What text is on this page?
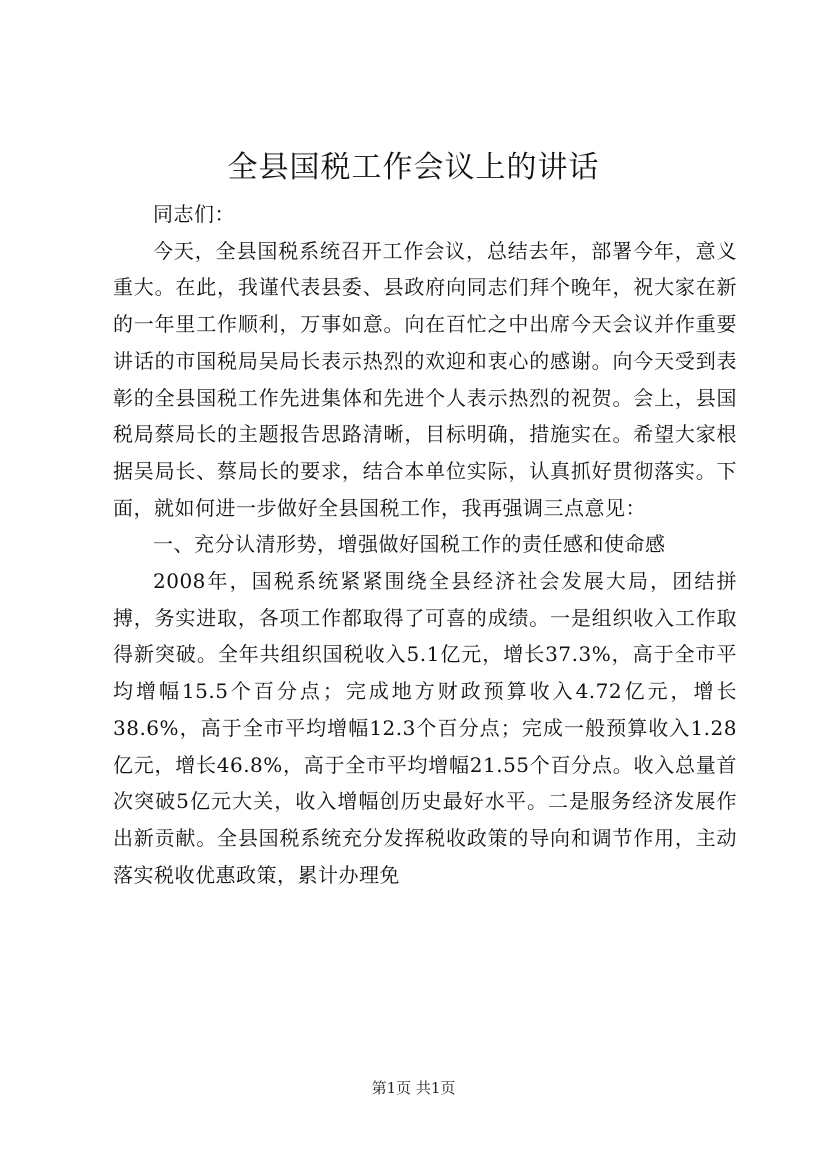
全县国税工作会议上的讲话

同志们：

今天，全县国税系统召开工作会议，总结去年，部署今年，意义重大。在此，我谨代表县委、县政府向同志们拜个晚年，祝大家在新的一年里工作顺利，万事如意。向在百忙之中出席今天会议并作重要讲话的市国税局吴局长表示热烈的欢迎和衷心的感谢。向今天受到表彰的全县国税工作先进集体和先进个人表示热烈的祝贺。会上，县国税局蔡局长的主题报告思路清晰，目标明确，措施实在。希望大家根据吴局长、蔡局长的要求，结合本单位实际，认真抓好贯彻落实。下面，就如何进一步做好全县国税工作，我再强调三点意见：

一、充分认清形势，增强做好国税工作的责任感和使命感

2008年，国税系统紧紧围绕全县经济社会发展大局，团结拼搏，务实进取，各项工作都取得了可喜的成绩。一是组织收入工作取得新突破。全年共组织国税收入5.1亿元，增长37.3%，高于全市平均增幅15.5个百分点；完成地方财政预算收入4.72亿元，增长38.6%，高于全市平均增幅12.3个百分点；完成一般预算收入1.28亿元，增长46.8%，高于全市平均增幅21.55个百分点。收入总量首次突破5亿元大关，收入增幅创历史最好水平。二是服务经济发展作出新贡献。全县国税系统充分发挥税收政策的导向和调节作用，主动落实税收优惠政策，累计办理免

第1页 共1页
